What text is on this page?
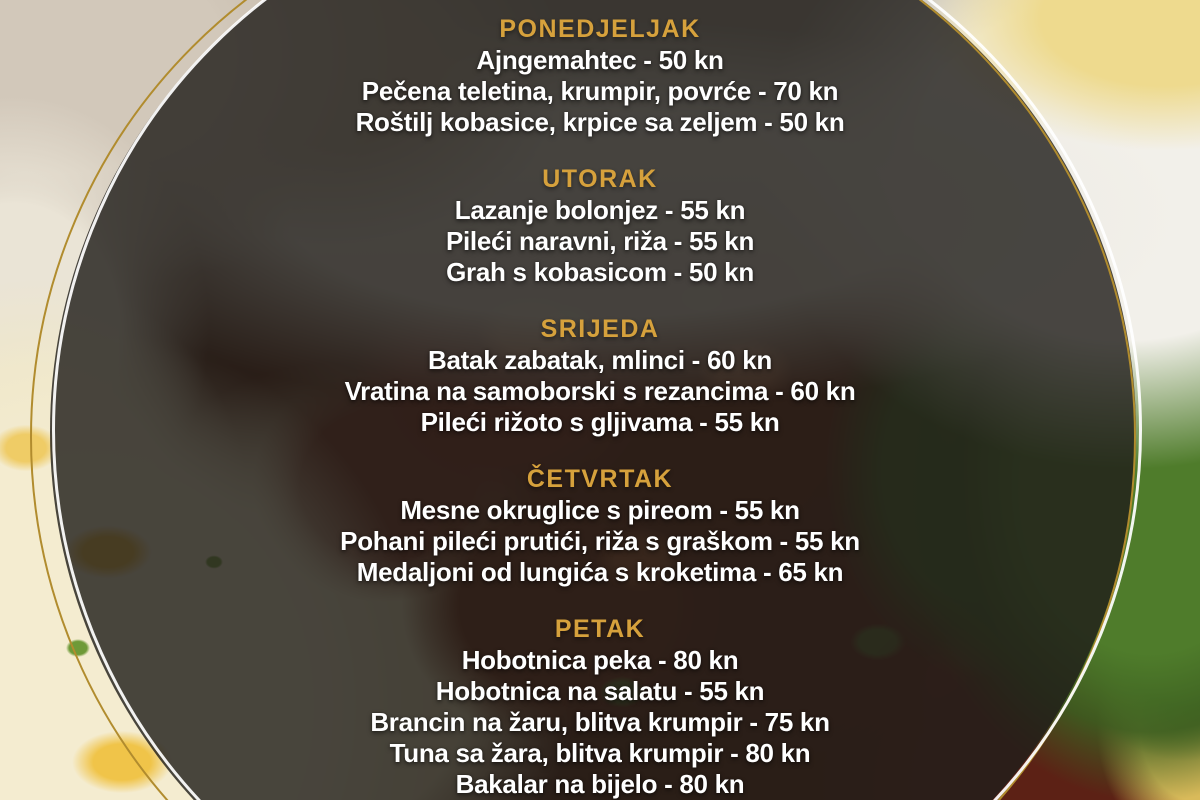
PONEDJELJAK
Ajngemahtec - 50 kn
Pečena teletina, krumpir, povrće - 70 kn
Roštilj kobasice, krpice sa zeljem - 50 kn
UTORAK
Lazanje bolonjez - 55 kn
Pileći naravni, riža - 55 kn
Grah s kobasicom - 50 kn
SRIJEDA
Batak zabatak, mlinci - 60 kn
Vratina na samoborski s rezancima - 60 kn
Pileći rižoto s gljivama - 55 kn
ČETVRTAK
Mesne okruglice s pireom - 55 kn
Pohani pileći prutići, riža s graškom - 55 kn
Medaljoni od lungića s kroketima - 65 kn
PETAK
Hobotnica peka - 80 kn
Hobotnica na salatu - 55 kn
Brancin na žaru, blitva krumpir - 75 kn
Tuna sa žara, blitva krumpir - 80 kn
Bakalar na bijelo - 80 kn
